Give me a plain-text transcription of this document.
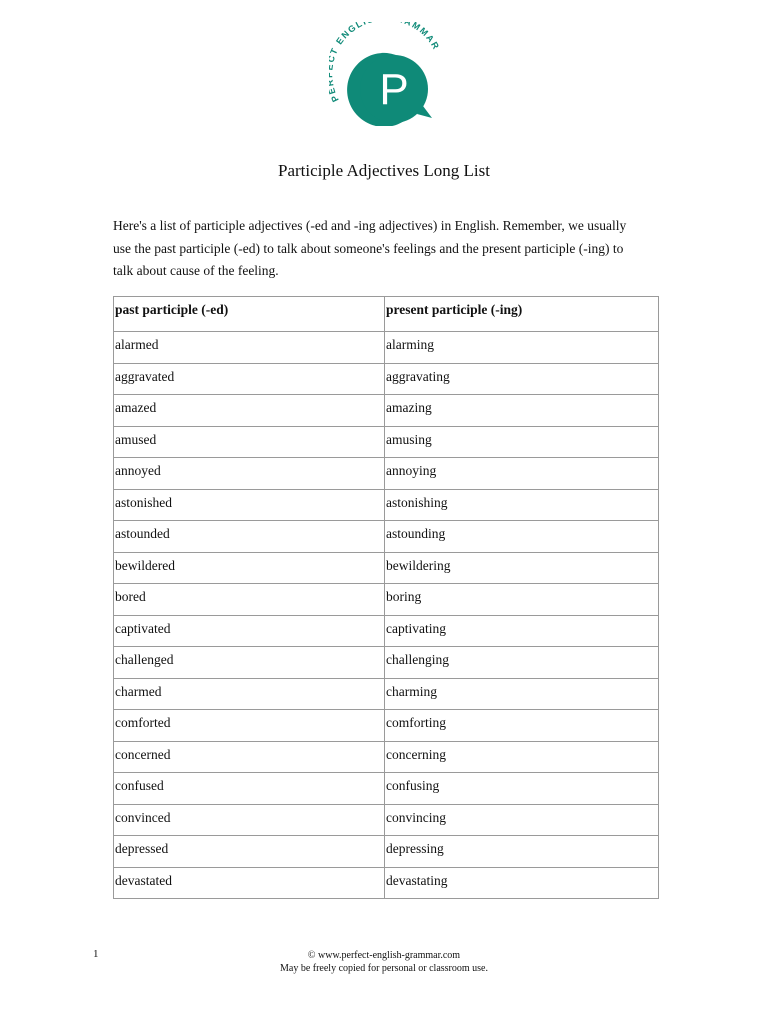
P T ENGL AMMAR
P
Participle Adjectives Long List

Here's a list of participle adjectives (-ed and -ing adjectives) in English. Remember, we usually use the past participle (-ed) to talk about someone's feelings and the present participle (-ing) to talk about cause of the feeling.

past participle (-ed)	present participle (-ing)
alarmed	alarming
aggravated	aggravating
amazed	amazing
amused	amusing
annoyed	annoying
astonished	astonishing
astounded	astounding
bewildered	bewildering
bored	boring
captivated	captivating
challenged	challenging
charmed	charming
comforted	comforting
concerned	concerning
confused	confusing
convinced	convincing
depressed	depressing
devastated	devastating
1	© www.perfect-english-grammar.com
May be freely copied for personal or classroom use.
